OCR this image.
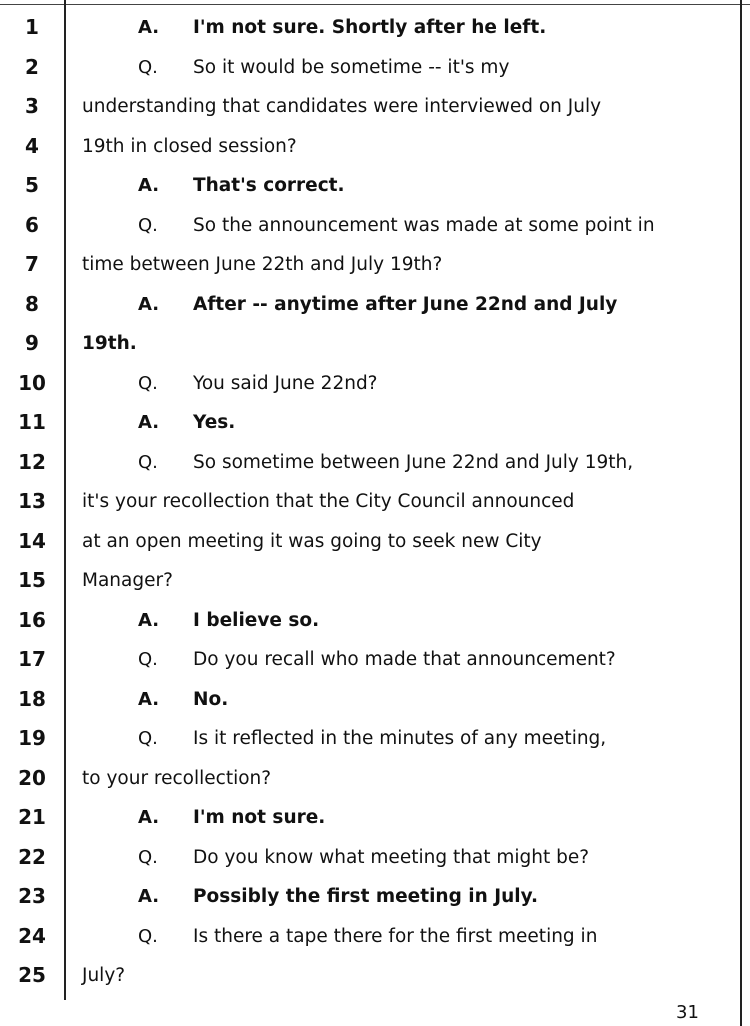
1	A.	I'm not sure. Shortly after he left.
2	Q.	So it would be sometime -- it's my
3	understanding that candidates were interviewed on July
4	19th in closed session?
5	A.	That's correct.
6	Q.	So the announcement was made at some point in
7	time between June 22th and July 19th?
8	A.	After -- anytime after June 22nd and July
9	19th.
10	Q.	You said June 22nd?
11	A.	Yes.
12	Q.	So sometime between June 22nd and July 19th,
13	it's your recollection that the City Council announced
14	at an open meeting it was going to seek new City
15	Manager?
16	A.	I believe so.
17	Q.	Do you recall who made that announcement?
18	A.	No.
19	Q.	Is it reflected in the minutes of any meeting,
20	to your recollection?
21	A.	I'm not sure.
22	Q.	Do you know what meeting that might be?
23	A.	Possibly the first meeting in July.
24	Q.	Is there a tape there for the first meeting in
25	July?
31
